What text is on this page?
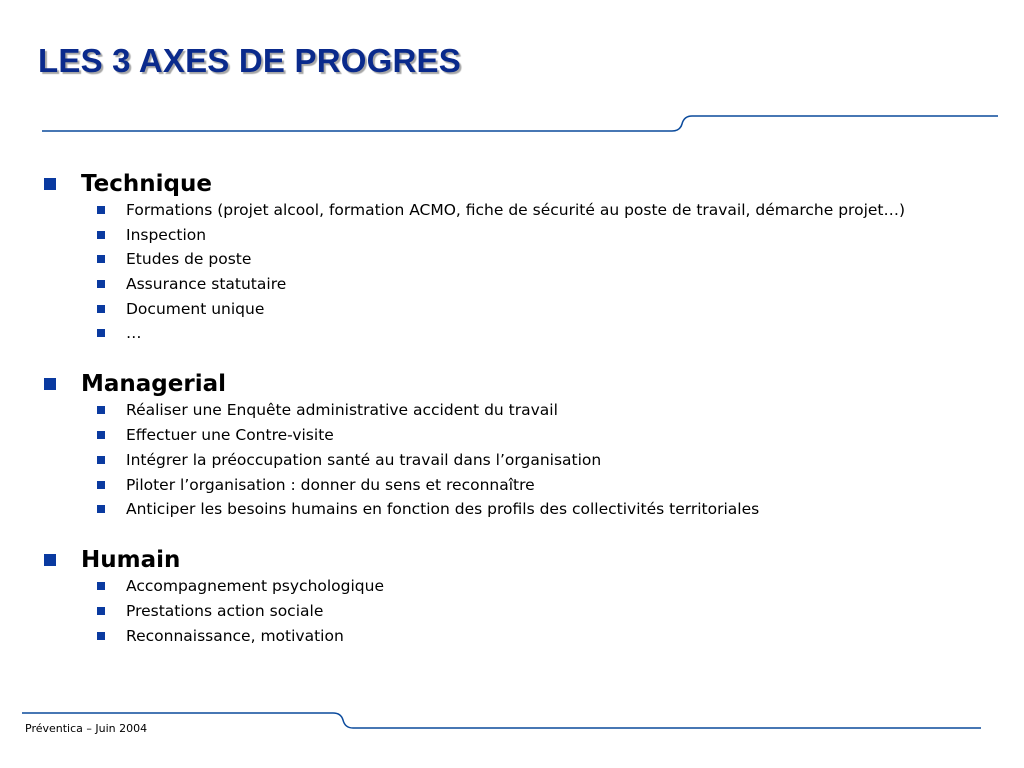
LES 3 AXES DE PROGRES
Technique
Formations (projet alcool, formation ACMO, fiche de sécurité au poste de travail, démarche projet…)
Inspection
Etudes de poste
Assurance statutaire
Document unique
…
Managerial
Réaliser une Enquête administrative accident du travail
Effectuer une Contre-visite
Intégrer la préoccupation santé au travail dans l’organisation
Piloter l’organisation : donner du sens et reconnaître
Anticiper les besoins humains en fonction des profils des collectivités territoriales
Humain
Accompagnement psychologique
Prestations action sociale
Reconnaissance, motivation
Préventica – Juin 2004
